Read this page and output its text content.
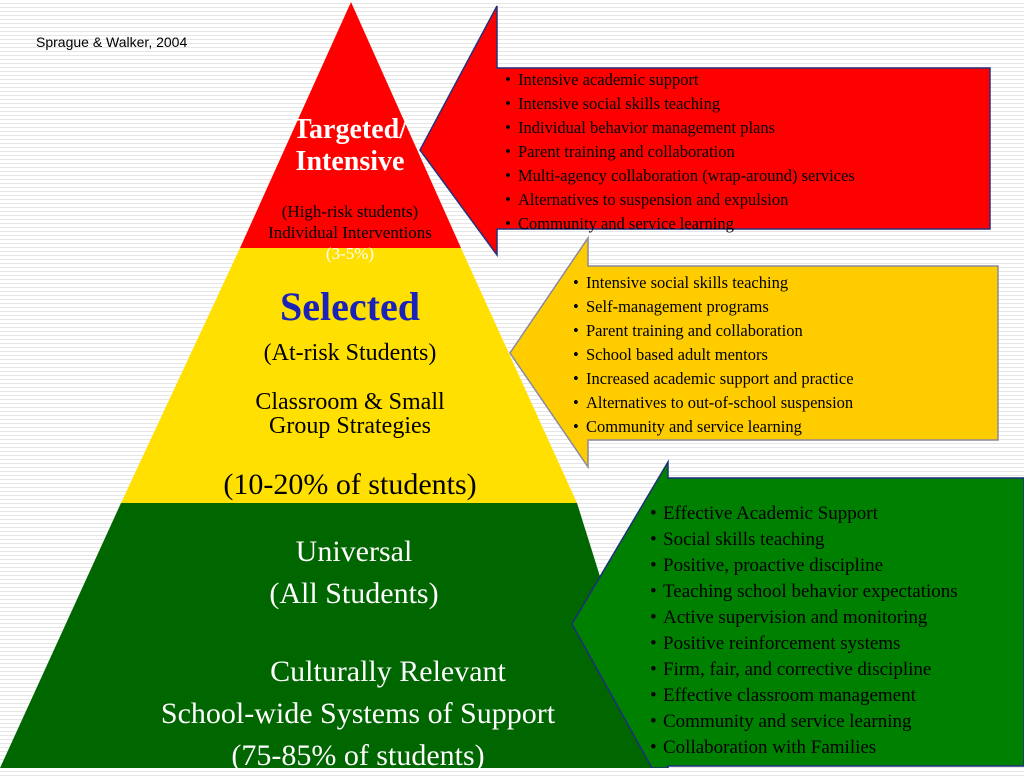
Sprague & Walker, 2004
Targeted/
Intensive
(High-risk students)
Individual Interventions
(3-5%)
Selected
(At-risk Students)
Classroom & Small
Group Strategies
(10-20% of students)
Universal
(All Students)
Culturally Relevant
School-wide Systems of Support
(75-85% of students)
• Intensive academic support
• Intensive social skills teaching
• Individual behavior management plans
• Parent training and collaboration
• Multi-agency collaboration (wrap-around) services
• Alternatives to suspension and expulsion
• Community and service learning
• Intensive social skills teaching
• Self-management programs
• Parent training and collaboration
• School based adult mentors
• Increased academic support and practice
• Alternatives to out-of-school suspension
• Community and service learning
• Effective Academic Support
• Social skills teaching
• Positive, proactive discipline
• Teaching school behavior expectations
• Active supervision and monitoring
• Positive reinforcement systems
• Firm, fair, and corrective discipline
• Effective classroom management
• Community and service learning
• Collaboration with Families
